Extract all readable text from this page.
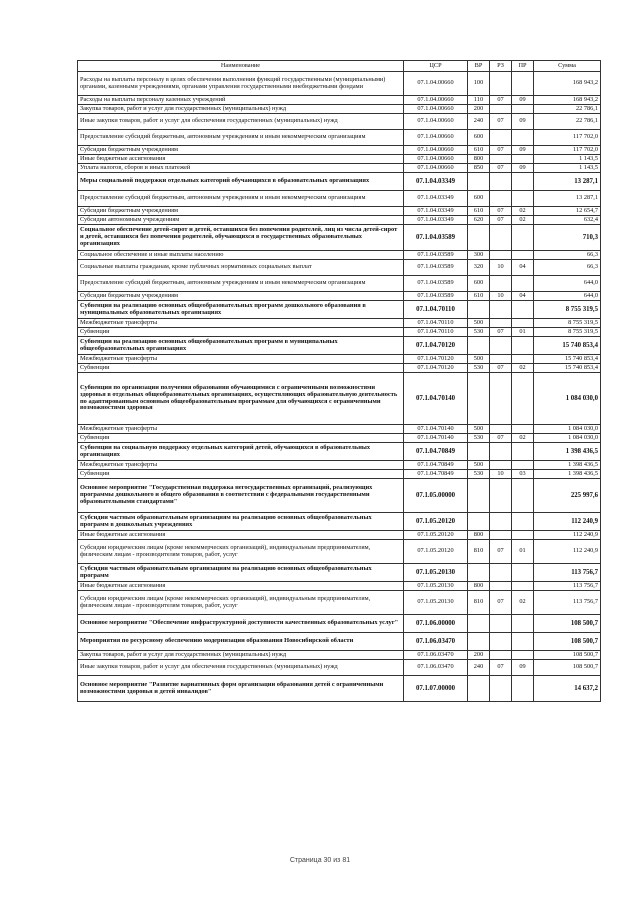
Наименование	ЦСР	ВР	РЗ	ПР	Сумма
Расходы на выплаты персоналу в целях обеспечения выполнения функций государственными (муниципальными) органами, казенными учреждениями, органами управления государственными внебюджетными фондами	07.1.04.00660	100			168 943,2
Расходы на выплаты персоналу казенных учреждений	07.1.04.00660	110	07	09	168 943,2
Закупка товаров, работ и услуг для государственных (муниципальных) нужд	07.1.04.00660	200			22 786,1
Иные закупки товаров, работ и услуг для обеспечения государственных (муниципальных) нужд	07.1.04.00660	240	07	09	22 786,1
Предоставление субсидий бюджетным, автономным учреждениям и иным некоммерческим организациям	07.1.04.00660	600			117 702,0
Субсидии бюджетным учреждениям	07.1.04.00660	610	07	09	117 702,0
Иные бюджетные ассигнования	07.1.04.00660	800			1 143,5
Уплата налогов, сборов и иных платежей	07.1.04.00660	850	07	09	1 143,5
Меры социальной поддержки отдельных категорий обучающихся в образовательных организациях	07.1.04.03349				13 287,1
Предоставление субсидий бюджетным, автономным учреждениям и иным некоммерческим организациям	07.1.04.03349	600			13 287,1
Субсидии бюджетным учреждениям	07.1.04.03349	610	07	02	12 654,7
Субсидии автономным учреждениям	07.1.04.03349	620	07	02	632,4
Социальное обеспечение детей-сирот и детей, оставшихся без попечения родителей, лиц из числа детей-сирот и детей, оставшихся без попечения родителей, обучающихся в государственных образовательных организациях	07.1.04.03589				710,3
Социальное обеспечение и иные выплаты населению	07.1.04.03589	300			66,3
Социальные выплаты гражданам, кроме публичных нормативных социальных выплат	07.1.04.03589	320	10	04	66,3
Предоставление субсидий бюджетным, автономным учреждениям и иным некоммерческим организациям	07.1.04.03589	600			644,0
Субсидии бюджетным учреждениям	07.1.04.03589	610	10	04	644,0
Субвенции на реализацию основных общеобразовательных программ дошкольного образования в муниципальных образовательных организациях	07.1.04.70110				8 755 319,5
Межбюджетные трансферты	07.1.04.70110	500			8 755 319,5
Субвенции	07.1.04.70110	530	07	01	8 755 319,5
Субвенции на реализацию основных общеобразовательных программ в муниципальных общеобразовательных организациях	07.1.04.70120				15 740 853,4
Межбюджетные трансферты	07.1.04.70120	500			15 740 853,4
Субвенции	07.1.04.70120	530	07	02	15 740 853,4
Субвенции по организации получения образования обучающимися с ограниченными возможностями здоровья в отдельных общеобразовательных организациях, осуществляющих образовательную деятельность по адаптированным основным общеобразовательным программам для обучающихся с ограниченными возможностями здоровья	07.1.04.70140				1 084 030,0
Межбюджетные трансферты	07.1.04.70140	500			1 084 030,0
Субвенции	07.1.04.70140	530	07	02	1 084 030,0
Субвенции на социальную поддержку отдельных категорий детей, обучающихся в образовательных организациях	07.1.04.70849				1 398 436,5
Межбюджетные трансферты	07.1.04.70849	500			1 398 436,5
Субвенции	07.1.04.70849	530	10	03	1 398 436,5
Основное мероприятие "Государственная поддержка негосударственных организаций, реализующих программы дошкольного и общего образования в соответствии с федеральными государственными образовательными стандартами"	07.1.05.00000				225 997,6
Субсидии частным образовательным организациям на реализацию основных общеобразовательных программ в дошкольных учреждениях	07.1.05.20120				112 240,9
Иные бюджетные ассигнования	07.1.05.20120	800			112 240,9
Субсидии юридическим лицам (кроме некоммерческих организаций), индивидуальным предпринимателям, физическим лицам - производителям товаров, работ, услуг	07.1.05.20120	810	07	01	112 240,9
Субсидии частным образовательным организациям на реализацию основных общеобразовательных программ	07.1.05.20130				113 756,7
Иные бюджетные ассигнования	07.1.05.20130	800			113 756,7
Субсидии юридическим лицам (кроме некоммерческих организаций), индивидуальным предпринимателям, физическим лицам - производителям товаров, работ, услуг	07.1.05.20130	810	07	02	113 756,7
Основное мероприятие "Обеспечение инфраструктурной доступности качественных образовательных услуг"	07.1.06.00000				108 500,7
Мероприятия по ресурсному обеспечению модернизации образования Новосибирской области	07.1.06.03470				108 500,7
Закупка товаров, работ и услуг для государственных (муниципальных) нужд	07.1.06.03470	200			108 500,7
Иные закупки товаров, работ и услуг для обеспечения государственных (муниципальных) нужд	07.1.06.03470	240	07	09	108 500,7
Основное мероприятие "Развитие вариативных форм организации образования детей с ограниченными возможностями здоровья и детей инвалидов"	07.1.07.00000				14 637,2
Страница 30 из 81
